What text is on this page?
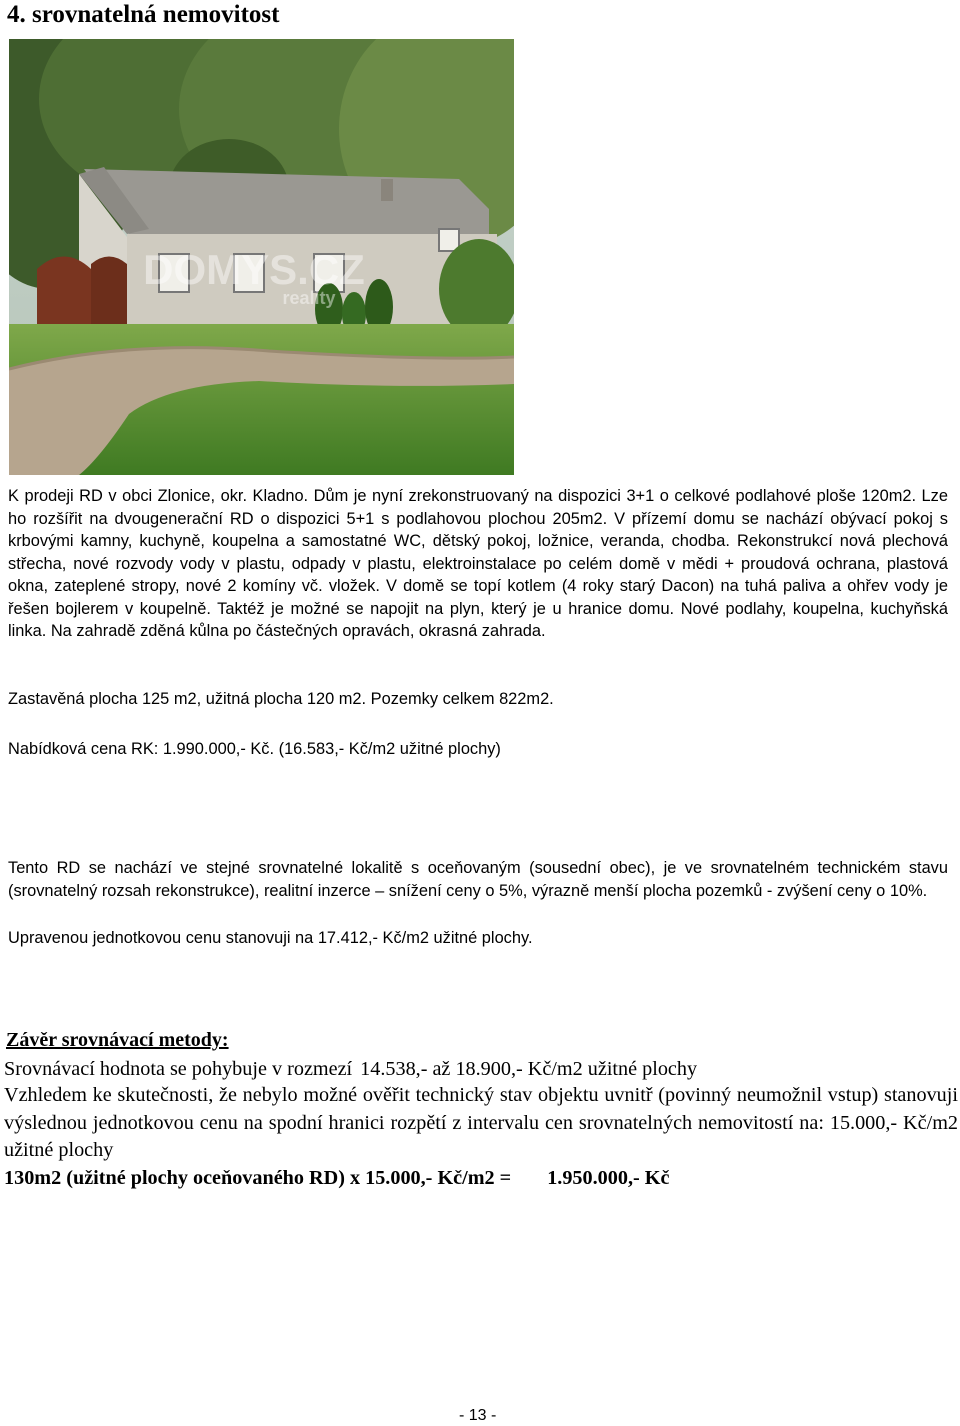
4. srovnatelná nemovitost
DOMYS.CZ
reality
K prodeji RD v obci Zlonice, okr. Kladno. Dům je nyní zrekonstruovaný na dispozici 3+1 o celkové podlahové ploše 120m2. Lze ho rozšířit na dvougenerační RD o dispozici 5+1 s podlahovou plochou 205m2. V přízemí domu se nachází obývací pokoj s krbovými kamny, kuchyně, koupelna a samostatné WC, dětský pokoj, ložnice, veranda, chodba. Rekonstrukcí nová plechová střecha, nové rozvody vody v plastu, odpady v plastu, elektroinstalace po celém domě v mědi + proudová ochrana, plastová okna, zateplené stropy, nové 2 komíny vč. vložek. V domě se topí kotlem (4 roky starý Dacon) na tuhá paliva a ohřev vody je řešen bojlerem v koupelně. Taktéž je možné se napojit na plyn, který je u hranice domu. Nové podlahy, koupelna, kuchyňská linka. Na zahradě zděná kůlna po částečných opravách, okrasná zahrada.
Zastavěná plocha 125 m2, užitná plocha 120 m2. Pozemky celkem 822m2.
Nabídková cena RK: 1.990.000,- Kč. (16.583,- Kč/m2 užitné plochy)
Tento RD se nachází ve stejné srovnatelné lokalitě s oceňovaným (sousední obec), je ve srovnatelném technickém stavu (srovnatelný rozsah rekonstrukce), realitní inzerce – snížení ceny o 5%, výrazně menší plocha pozemků - zvýšení ceny o 10%.
Upravenou jednotkovou cenu stanovuji na 17.412,- Kč/m2 užitné plochy.
Závěr srovnávací metody:
Srovnávací hodnota se pohybuje v rozmezí 14.538,- až 18.900,- Kč/m2 užitné plochy
Vzhledem ke skutečnosti, že nebylo možné ověřit technický stav objektu uvnitř (povinný neumožnil vstup) stanovuji výslednou jednotkovou cenu na spodní hranici rozpětí z intervalu cen srovnatelných nemovitostí na: 15.000,- Kč/m2 užitné plochy
130m2 (užitné plochy oceňovaného RD) x 15.000,- Kč/m2 = 1.950.000,- Kč
- 13 -
